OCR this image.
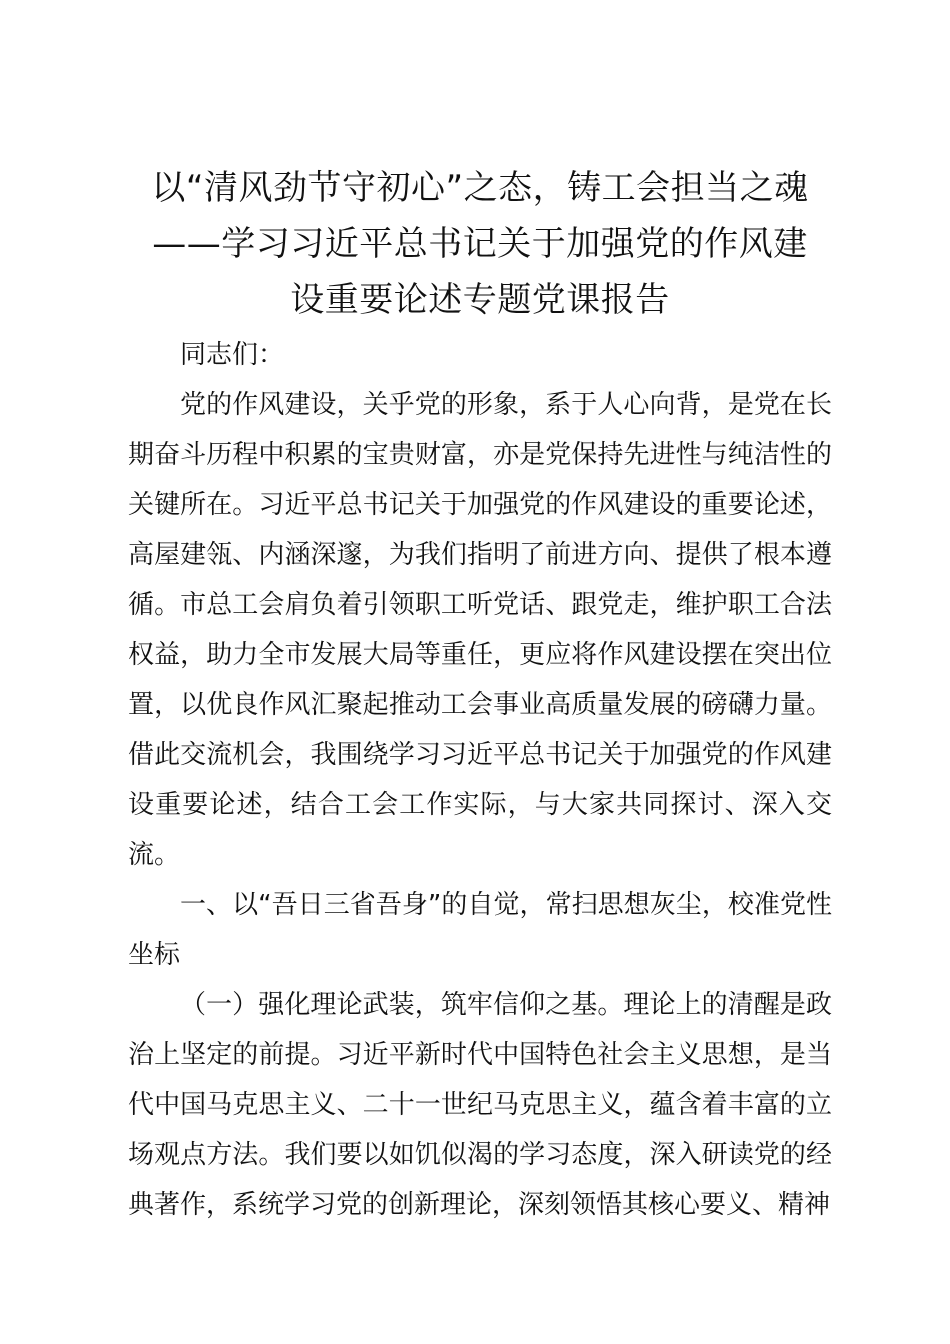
以“清风劲节守初心”之态，铸工会担当之魂
——学习习近平总书记关于加强党的作风建
设重要论述专题党课报告

同志们：

党的作风建设，关乎党的形象，系于人心向背，是党在长期奋斗历程中积累的宝贵财富，亦是党保持先进性与纯洁性的关键所在。习近平总书记关于加强党的作风建设的重要论述，高屋建瓴、内涵深邃，为我们指明了前进方向、提供了根本遵循。市总工会肩负着引领职工听党话、跟党走，维护职工合法权益，助力全市发展大局等重任，更应将作风建设摆在突出位置，以优良作风汇聚起推动工会事业高质量发展的磅礴力量。借此交流机会，我围绕学习习近平总书记关于加强党的作风建设重要论述，结合工会工作实际，与大家共同探讨、深入交流。

一、以“吾日三省吾身”的自觉，常扫思想灰尘，校准党性坐标

（一）强化理论武装，筑牢信仰之基。理论上的清醒是政治上坚定的前提。习近平新时代中国特色社会主义思想，是当代中国马克思主义、二十一世纪马克思主义，蕴含着丰富的立场观点方法。我们要以如饥似渴的学习态度，深入研读党的经典著作，系统学习党的创新理论，深刻领悟其核心要义、精神
